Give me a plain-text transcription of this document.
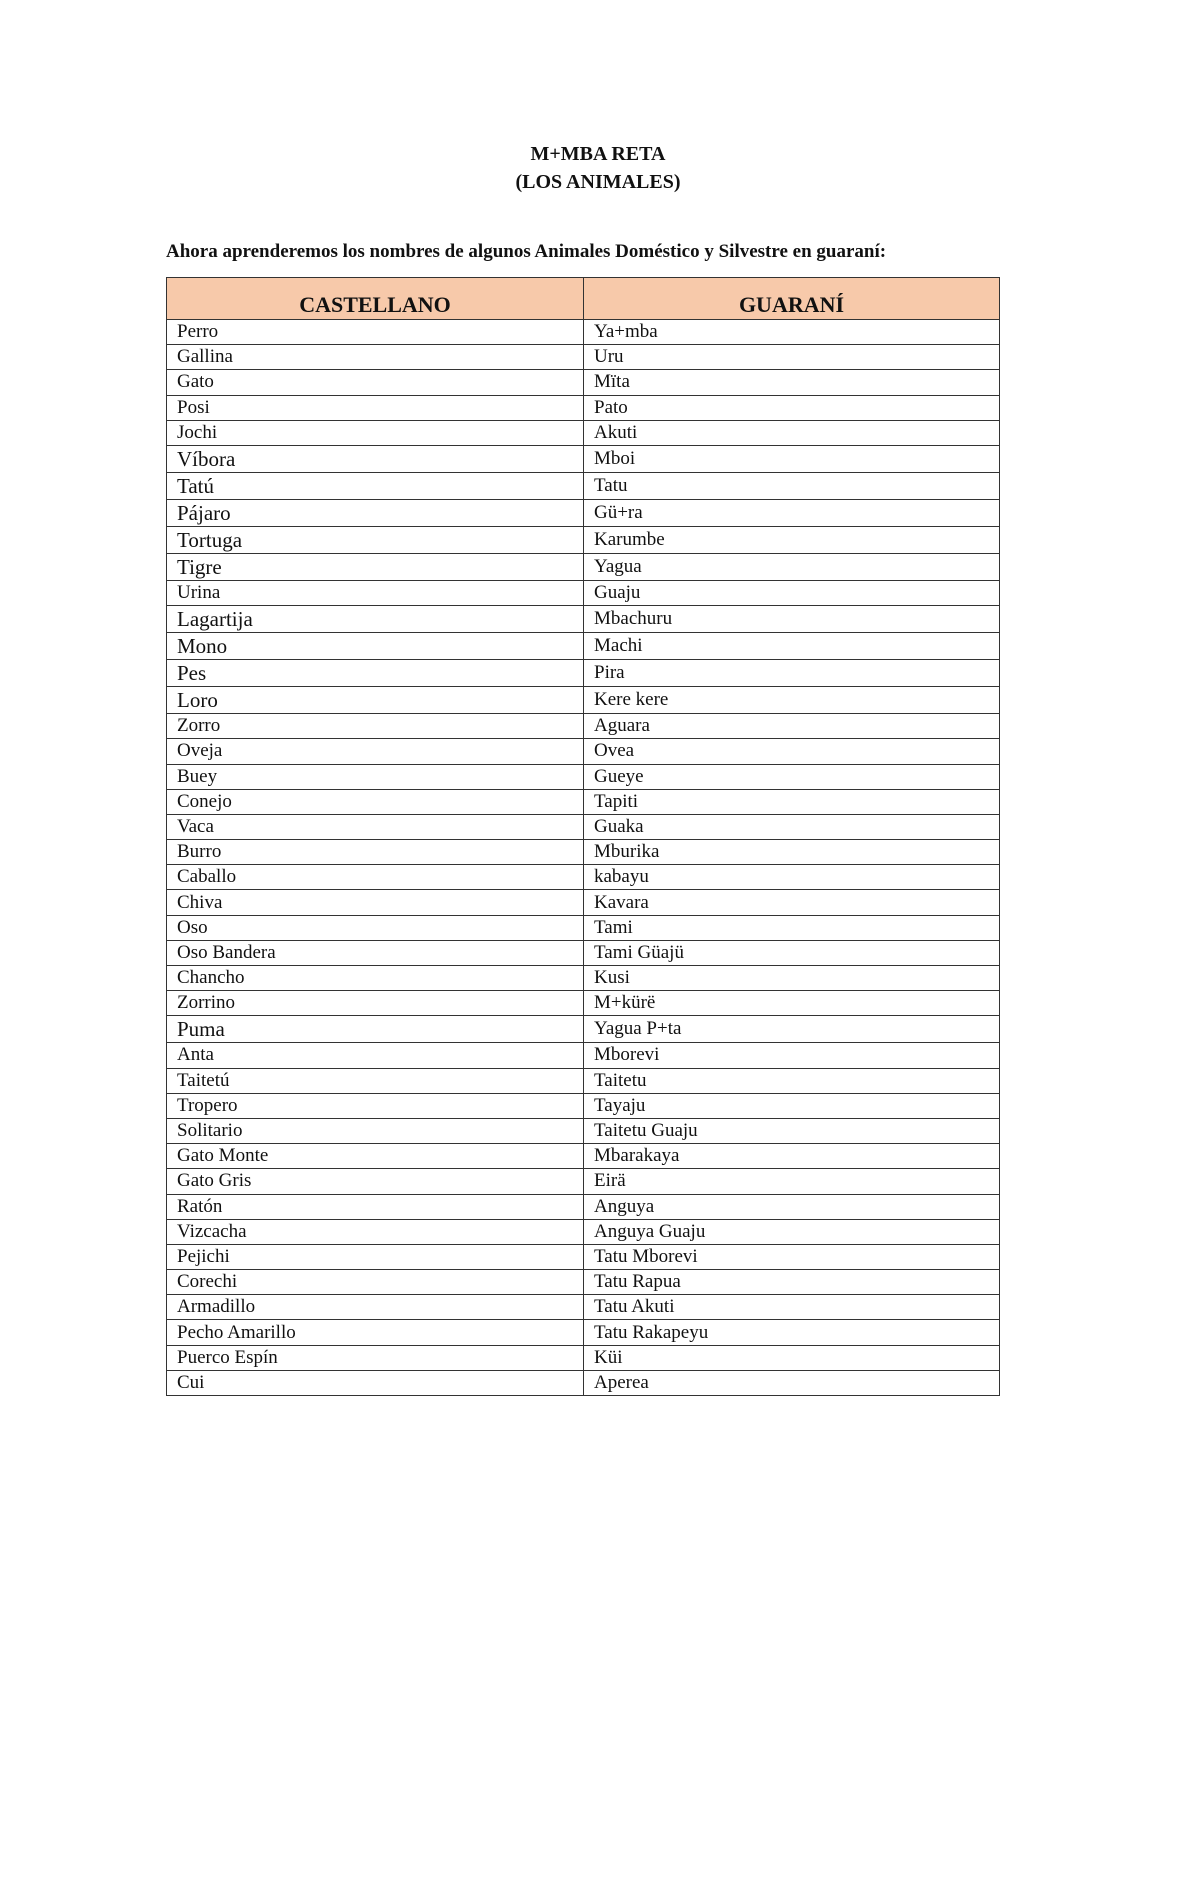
M+MBA RETA
(LOS ANIMALES)
Ahora aprenderemos los nombres de algunos Animales Doméstico y Silvestre en guaraní:
CASTELLANO	GUARANÍ
Perro	Ya+mba
Gallina	Uru
Gato	Mïta
Posi	Pato
Jochi	Akuti
Víbora	Mboi
Tatú	Tatu
Pájaro	Gü+ra
Tortuga	Karumbe
Tigre	Yagua
Urina	Guaju
Lagartija	Mbachuru
Mono	Machi
Pes	Pira
Loro	Kere kere
Zorro	Aguara
Oveja	Ovea
Buey	Gueye
Conejo	Tapiti
Vaca	Guaka
Burro	Mburika
Caballo	kabayu
Chiva	Kavara
Oso	Tami
Oso Bandera	Tami Güajü
Chancho	Kusi
Zorrino	M+kürë
Puma	Yagua P+ta
Anta	Mborevi
Taitetú	Taitetu
Tropero	Tayaju
Solitario	Taitetu Guaju
Gato Monte	Mbarakaya
Gato Gris	Eirä
Ratón	Anguya
Vizcacha	Anguya Guaju
Pejichi	Tatu Mborevi
Corechi	Tatu Rapua
Armadillo	Tatu Akuti
Pecho Amarillo	Tatu Rakapeyu
Puerco Espín	Küi
Cui	Aperea
